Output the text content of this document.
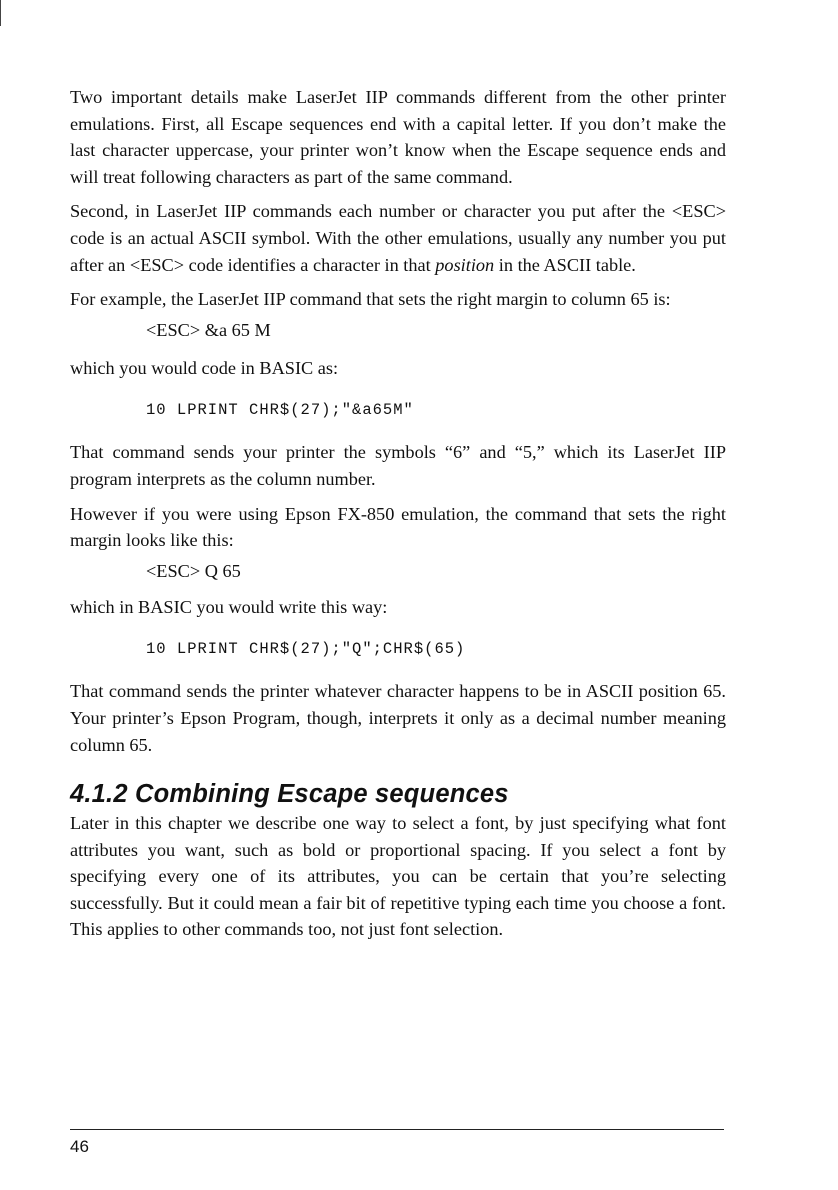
Two important details make LaserJet IIP commands different from the other printer emulations. First, all Escape sequences end with a capital letter. If you don’t make the last character uppercase, your printer won’t know when the Escape sequence ends and will treat following characters as part of the same command.

Second, in LaserJet IIP commands each number or character you put after the <ESC> code is an actual ASCII symbol. With the other emulations, usually any number you put after an <ESC> code identifies a character in that position in the ASCII table.

For example, the LaserJet IIP command that sets the right margin to column 65 is:

<ESC> &a 65 M

which you would code in BASIC as:

10 LPRINT CHR$(27);"&a65M"

That command sends your printer the symbols “6” and “5,” which its LaserJet IIP program interprets as the column number.

However if you were using Epson FX-850 emulation, the command that sets the right margin looks like this:

<ESC> Q 65

which in BASIC you would write this way:

10 LPRINT CHR$(27);"Q";CHR$(65)

That command sends the printer whatever character happens to be in ASCII position 65. Your printer’s Epson Program, though, interprets it only as a decimal number meaning column 65.

4.1.2 Combining Escape sequences

Later in this chapter we describe one way to select a font, by just specifying what font attributes you want, such as bold or proportional spacing. If you select a font by specifying every one of its attributes, you can be certain that you’re selecting successfully. But it could mean a fair bit of repetitive typing each time you choose a font. This applies to other commands too, not just font selection.

46
